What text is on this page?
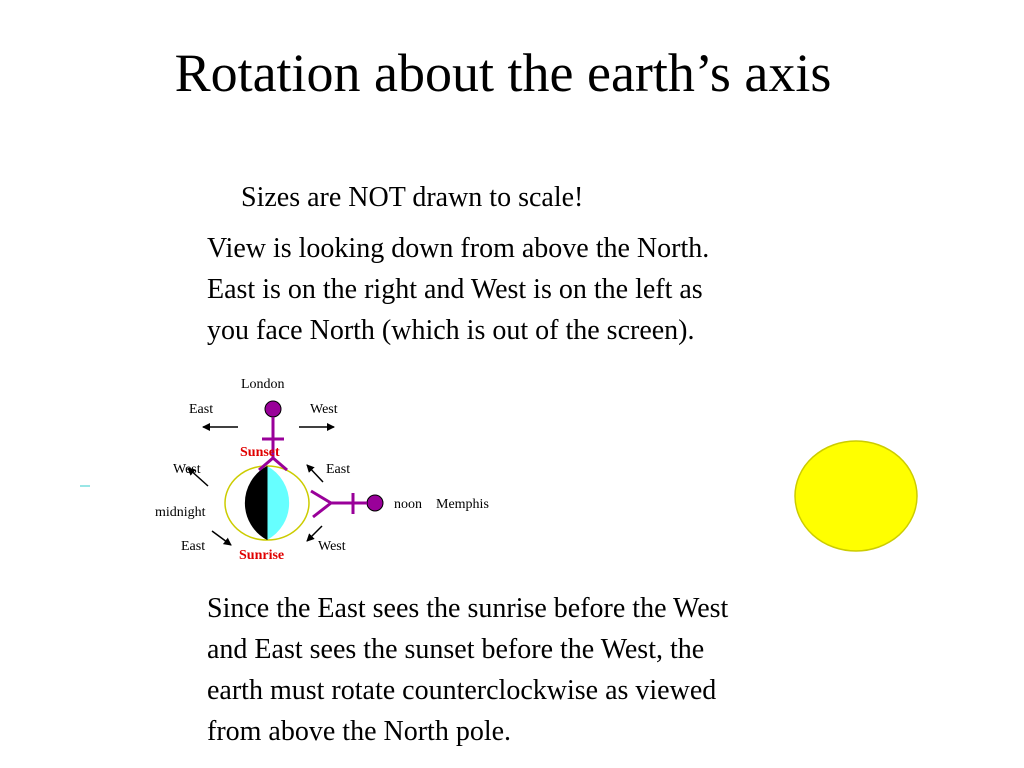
Rotation about the earth’s axis
Sizes are NOT drawn to scale!
View is looking down from above the North.
East is on the right and West is on the left as
you face North (which is out of the screen).
London
East	West
Sunset
West	East
noon Memphis
midnight
East	West
Sunrise
Since the East sees the sunrise before the West
and East sees the sunset before the West, the
earth must rotate counterclockwise as viewed
from above the North pole.
